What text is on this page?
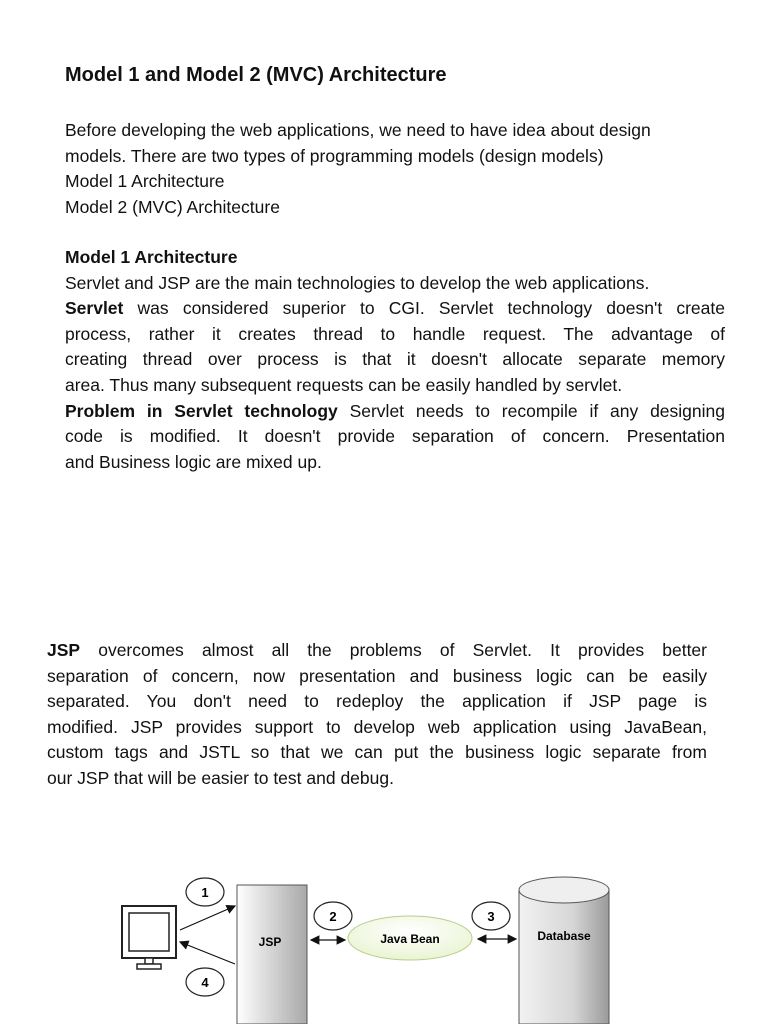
Model 1 and Model 2 (MVC) Architecture
Before developing the web applications, we need to have idea about design
models. There are two types of programming models (design models)
Model 1 Architecture
Model 2 (MVC) Architecture
Model 1 Architecture
Servlet and JSP are the main technologies to develop the web applications.
Servlet was considered superior to CGI. Servlet technology doesn't create
process, rather it creates thread to handle request. The advantage of
creating thread over process is that it doesn't allocate separate memory
area. Thus many subsequent requests can be easily handled by servlet.
Problem in Servlet technology Servlet needs to recompile if any designing
code is modified. It doesn't provide separation of concern. Presentation
and Business logic are mixed up.
JSP overcomes almost all the problems of Servlet. It provides better
separation of concern, now presentation and business logic can be easily
separated. You don't need to redeploy the application if JSP page is
modified. JSP provides support to develop web application using JavaBean,
custom tags and JSTL so that we can put the business logic separate from
our JSP that will be easier to test and debug.
1
4
JSP
2
Java Bean
3
Database
